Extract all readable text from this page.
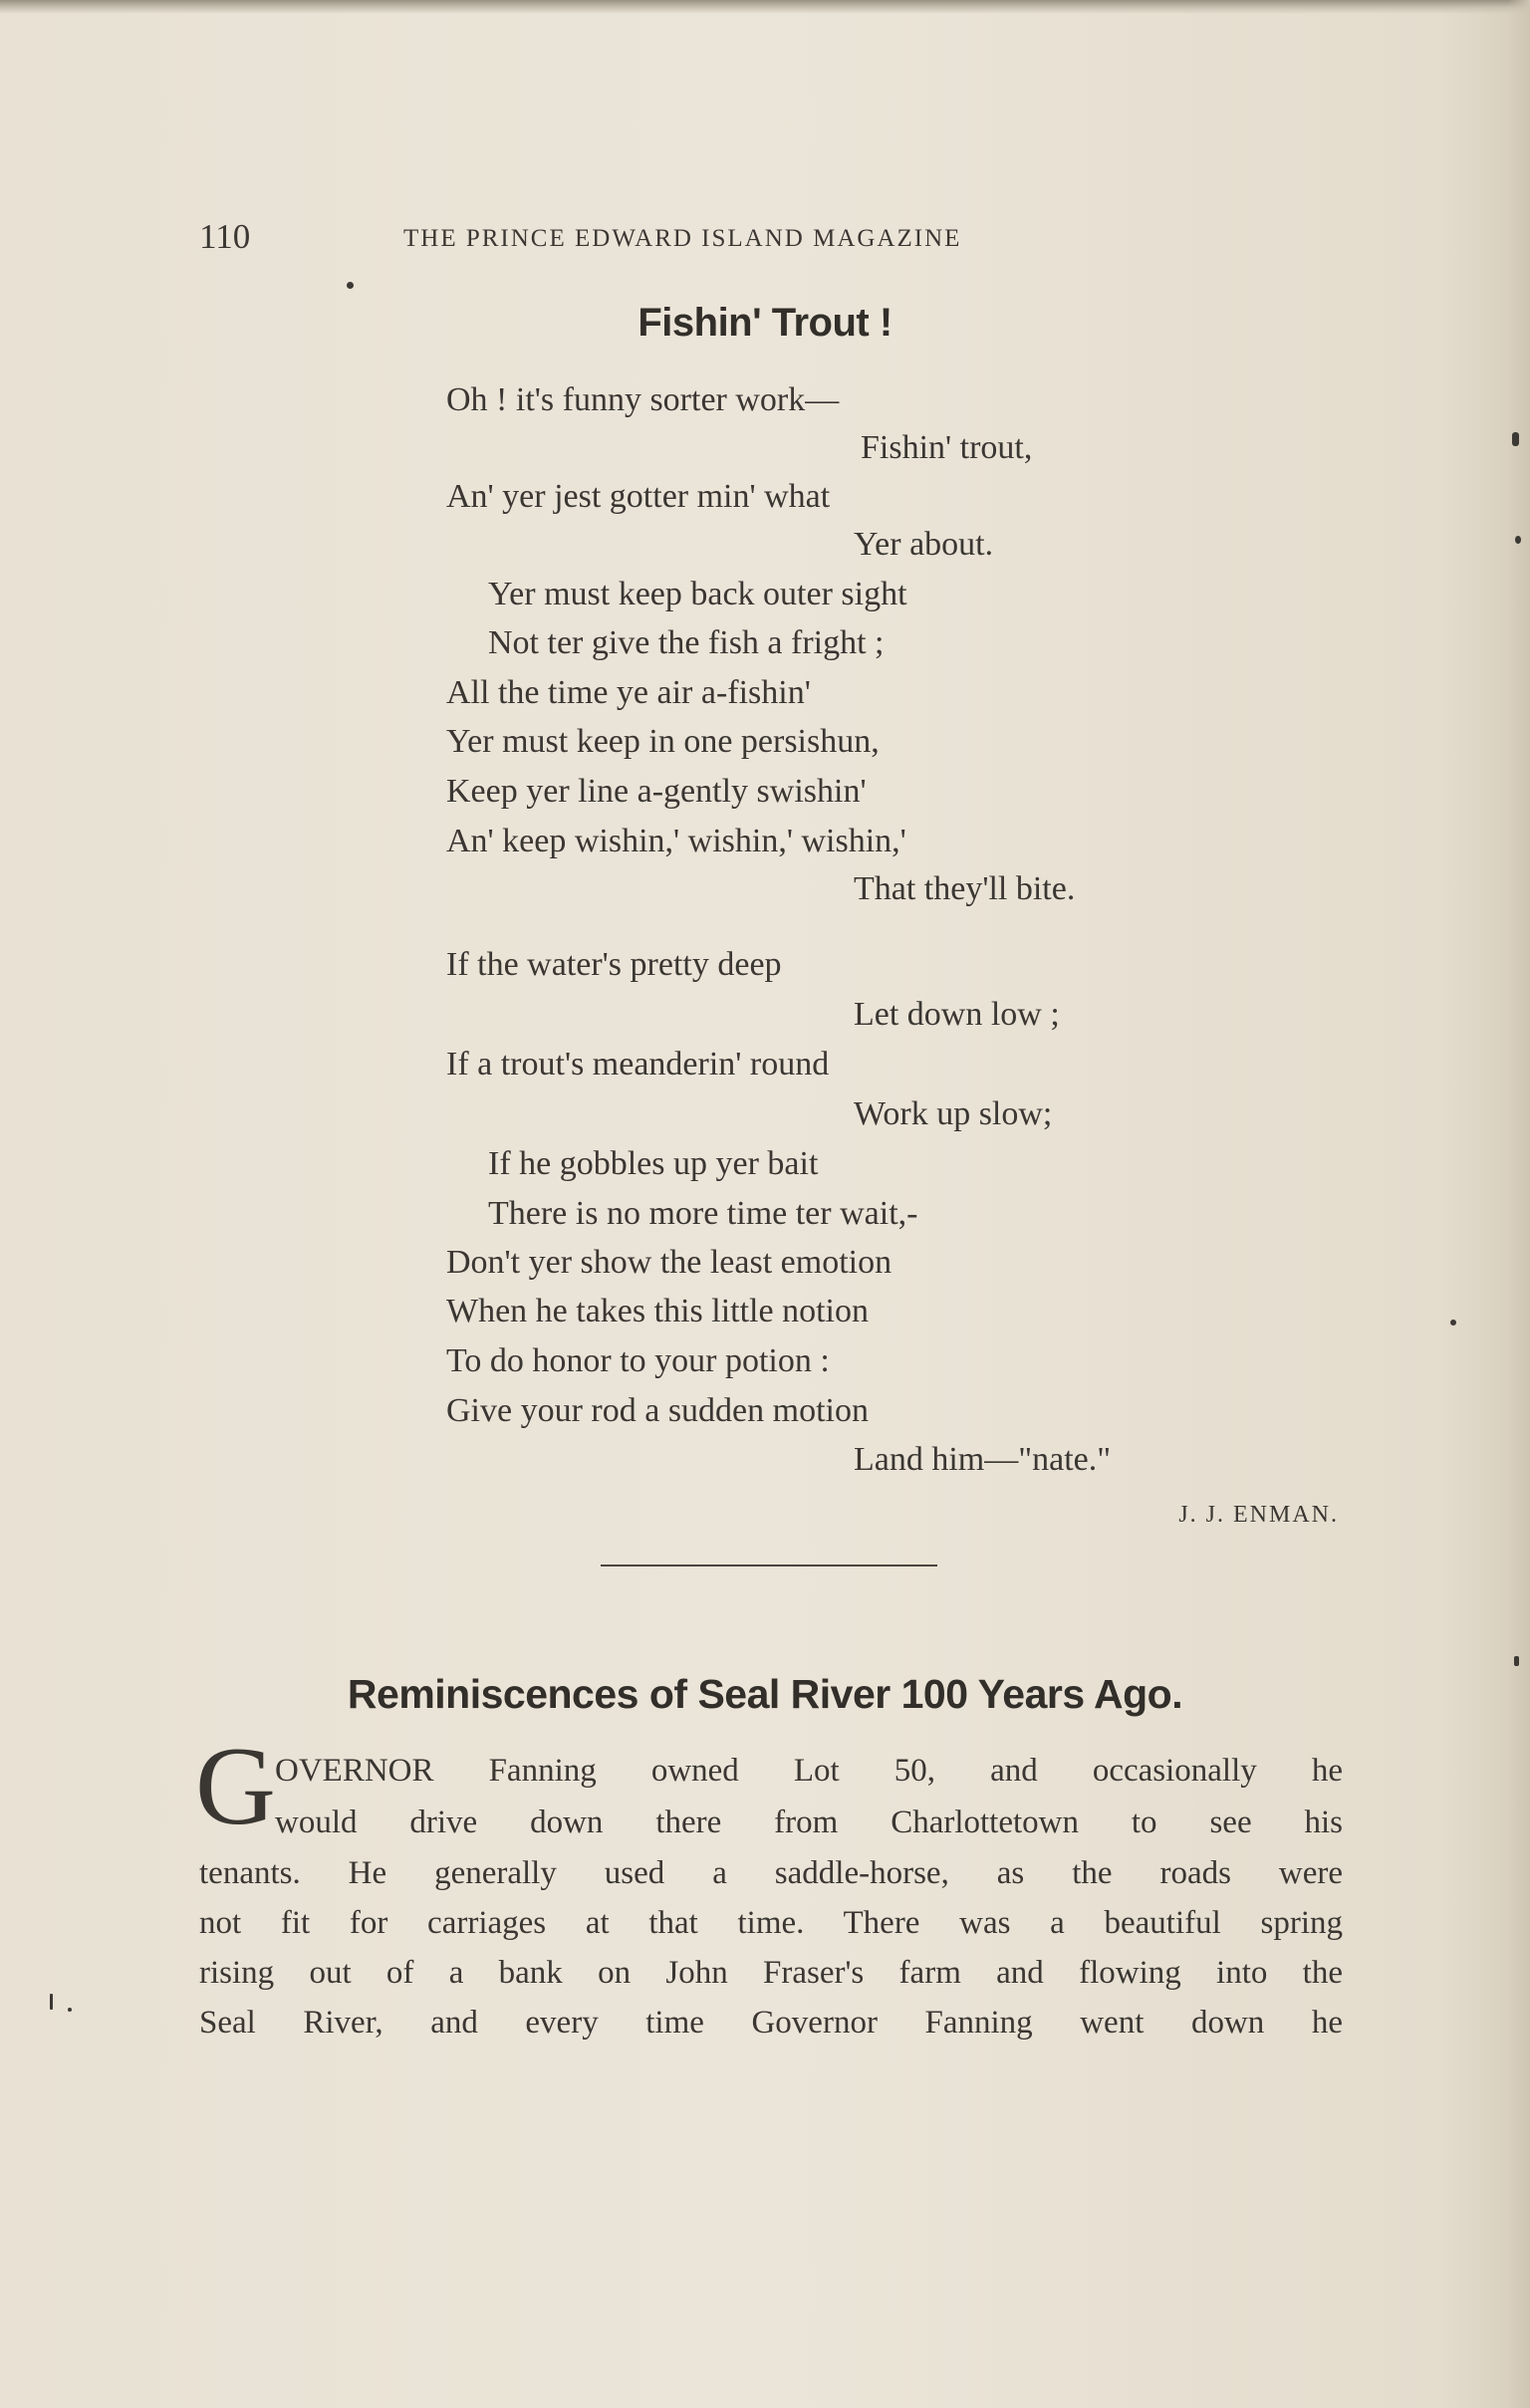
110	THE PRINCE EDWARD ISLAND MAGAZINE
Fishin' Trout !
Oh ! it's funny sorter work—
Fishin' trout,
An' yer jest gotter min' what
Yer about.
Yer must keep back outer sight
Not ter give the fish a fright ;
All the time ye air a-fishin'
Yer must keep in one persishun,
Keep yer line a-gently swishin'
An' keep wishin,' wishin,' wishin,'
That they'll bite.
If the water's pretty deep
Let down low ;
If a trout's meanderin' round
Work up slow;
If he gobbles up yer bait
There is no more time ter wait,-
Don't yer show the least emotion
When he takes this little notion
To do honor to your potion :
Give your rod a sudden motion
Land him—"nate."
J. J. ENMAN.
Reminiscences of Seal River 100 Years Ago.
G OVERNOR Fanning owned Lot 50, and occasionally he
would drive down there from Charlottetown to see his
tenants. He generally used a saddle-horse, as the roads were
not fit for carriages at that time. There was a beautiful spring
rising out of a bank on John Fraser's farm and flowing into the
Seal River, and every time Governor Fanning went down he
